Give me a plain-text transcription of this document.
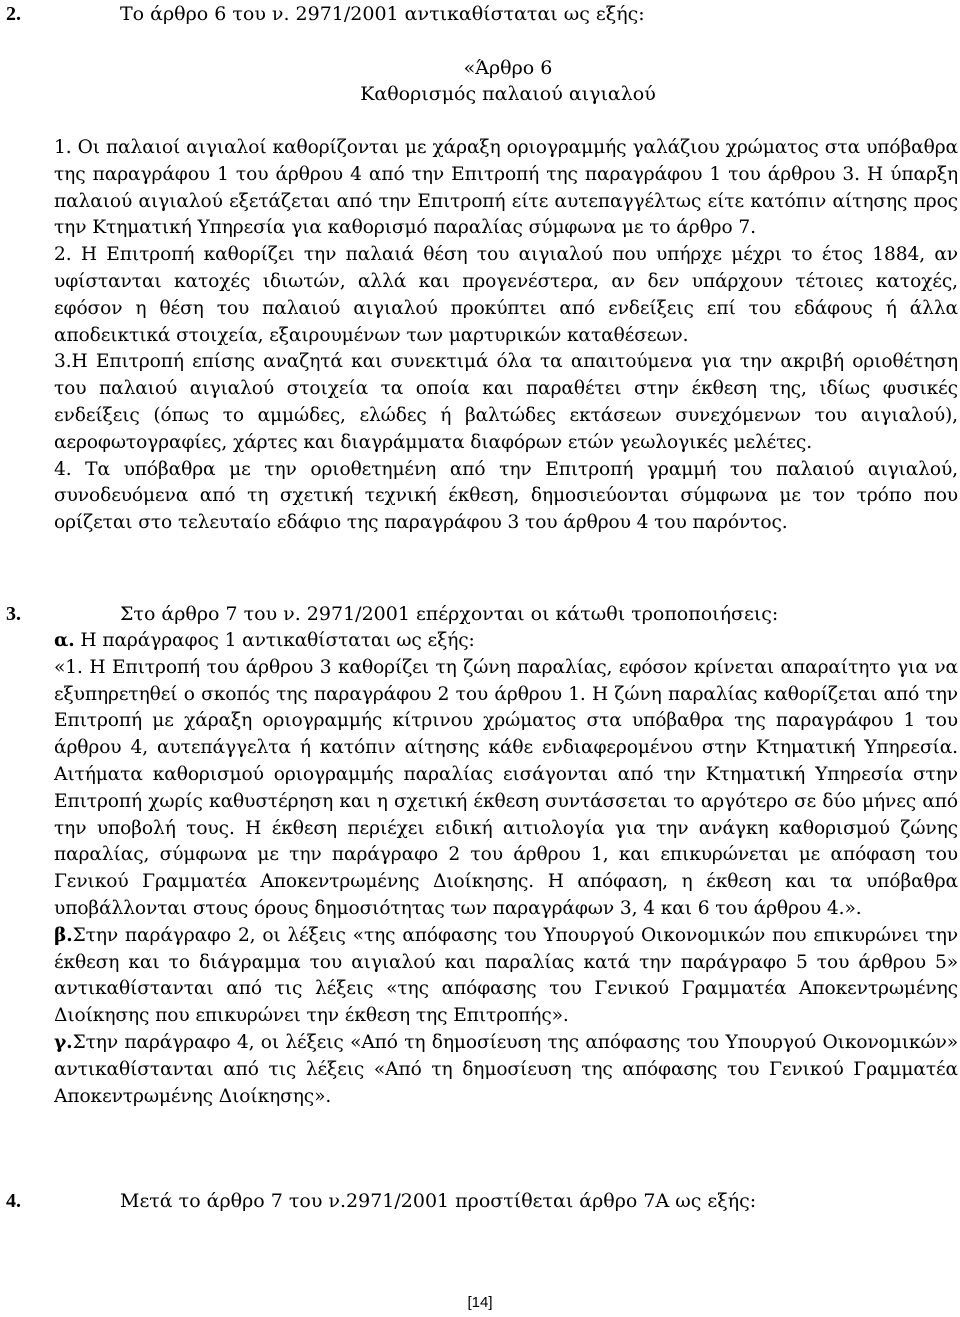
2.	Το άρθρο 6 του ν. 2971/2001 αντικαθίσταται ως εξής:
«Άρθρο 6
Καθορισμός παλαιού αιγιαλού

1. Οι παλαιοί αιγιαλοί καθορίζονται με χάραξη οριογραμμής γαλάζιου χρώματος στα υπόβαθρα της παραγράφου 1 του άρθρου 4 από την Επιτροπή της παραγράφου 1 του άρθρου 3. Η ύπαρξη παλαιού αιγιαλού εξετάζεται από την Επιτροπή είτε αυτεπαγγέλτως είτε κατόπιν αίτησης προς την Κτηματική Υπηρεσία για καθορισμό παραλίας σύμφωνα με το άρθρο 7.

2. Η Επιτροπή καθορίζει την παλαιά θέση του αιγιαλού που υπήρχε μέχρι το έτος 1884, αν υφίστανται κατοχές ιδιωτών, αλλά και προγενέστερα, αν δεν υπάρχουν τέτοιες κατοχές, εφόσον η θέση του παλαιού αιγιαλού προκύπτει από ενδείξεις επί του εδάφους ή άλλα αποδεικτικά στοιχεία, εξαιρουμένων των μαρτυρικών καταθέσεων.

3.Η Επιτροπή επίσης αναζητά και συνεκτιμά όλα τα απαιτούμενα για την ακριβή οριοθέτηση του παλαιού αιγιαλού στοιχεία τα οποία και παραθέτει στην έκθεση της, ιδίως φυσικές ενδείξεις (όπως το αμμώδες, ελώδες ή βαλτώδες εκτάσεων συνεχόμενων του αιγιαλού), αεροφωτογραφίες, χάρτες και διαγράμματα διαφόρων ετών γεωλογικές μελέτες.

4. Τα υπόβαθρα με την οριοθετημένη από την Επιτροπή γραμμή του παλαιού αιγιαλού, συνοδευόμενα από τη σχετική τεχνική έκθεση, δημοσιεύονται σύμφωνα με τον τρόπο που ορίζεται στο τελευταίο εδάφιο της παραγράφου 3 του άρθρου 4 του παρόντος.

3.	Στο άρθρο 7 του ν. 2971/2001 επέρχονται οι κάτωθι τροποποιήσεις:

α. Η παράγραφος 1 αντικαθίσταται ως εξής:

«1. Η Επιτροπή του άρθρου 3 καθορίζει τη ζώνη παραλίας, εφόσον κρίνεται απαραίτητο για να εξυπηρετηθεί ο σκοπός της παραγράφου 2 του άρθρου 1. Η ζώνη παραλίας καθορίζεται από την Επιτροπή με χάραξη οριογραμμής κίτρινου χρώματος στα υπόβαθρα της παραγράφου 1 του άρθρου 4, αυτεπάγγελτα ή κατόπιν αίτησης κάθε ενδιαφερομένου στην Κτηματική Υπηρεσία. Αιτήματα καθορισμού οριογραμμής παραλίας εισάγονται από την Κτηματική Υπηρεσία στην Επιτροπή χωρίς καθυστέρηση και η σχετική έκθεση συντάσσεται το αργότερο σε δύο μήνες από την υποβολή τους. Η έκθεση περιέχει ειδική αιτιολογία για την ανάγκη καθορισμού ζώνης παραλίας, σύμφωνα με την παράγραφο 2 του άρθρου 1, και επικυρώνεται με απόφαση του Γενικού Γραμματέα Αποκεντρωμένης Διοίκησης. Η απόφαση, η έκθεση και τα υπόβαθρα υποβάλλονται στους όρους δημοσιότητας των παραγράφων 3, 4 και 6 του άρθρου 4.».

β.Στην παράγραφο 2, οι λέξεις «της απόφασης του Υπουργού Οικονομικών που επικυρώνει την έκθεση και το διάγραμμα του αιγιαλού και παραλίας κατά την παράγραφο 5 του άρθρου 5» αντικαθίστανται από τις λέξεις «της απόφασης του Γενικού Γραμματέα Αποκεντρωμένης Διοίκησης που επικυρώνει την έκθεση της Επιτροπής».

γ.Στην παράγραφο 4, οι λέξεις «Από τη δημοσίευση της απόφασης του Υπουργού Οικονομικών» αντικαθίστανται από τις λέξεις «Από τη δημοσίευση της απόφασης του Γενικού Γραμματέα Αποκεντρωμένης Διοίκησης».

4.	Μετά το άρθρο 7 του ν.2971/2001 προστίθεται άρθρο 7Α ως εξής:
[14]
